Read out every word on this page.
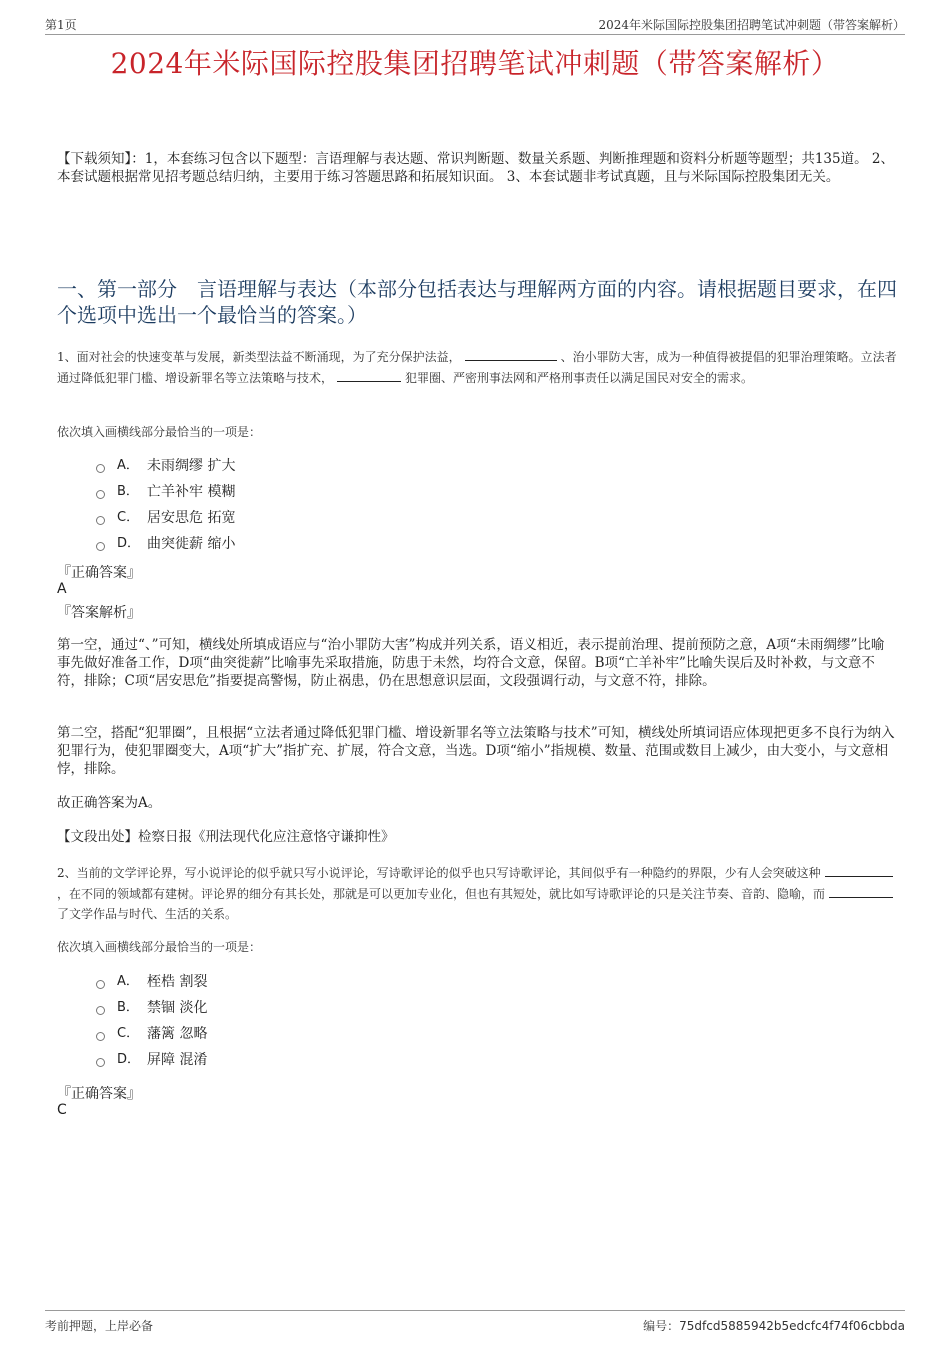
第1页	2024年米际国际控股集团招聘笔试冲刺题（带答案解析）
2024年米际国际控股集团招聘笔试冲刺题（带答案解析）
【下载须知】：1，本套练习包含以下题型：言语理解与表达题、常识判断题、数量关系题、判断推理题和资料分析题等题型；共135道。 2、本套试题根据常见招考题总结归纳，主要用于练习答题思路和拓展知识面。 3、本套试题非考试真题，且与米际国际控股集团无关。
一、第一部分　言语理解与表达（本部分包括表达与理解两方面的内容。请根据题目要求，在四个选项中选出一个最恰当的答案。）
1、面对社会的快速变革与发展，新类型法益不断涌现，为了充分保护法益，	、治小罪防大害，成为一种值得被提倡的犯罪治理策略。立法者通过降低犯罪门槛、增设新罪名等立法策略与技术，	犯罪圈、严密刑事法网和严格刑事责任以满足国民对安全的需求。
依次填入画横线部分最恰当的一项是：
A． 未雨绸缪 扩大
B． 亡羊补牢 模糊
C． 居安思危 拓宽
D． 曲突徙薪 缩小
『正确答案』
A
『答案解析』
第一空，通过“、”可知，横线处所填成语应与“治小罪防大害”构成并列关系，语义相近，表示提前治理、提前预防之意，A项“未雨绸缪”比喻事先做好准备工作，D项“曲突徙薪”比喻事先采取措施，防患于未然，均符合文意，保留。B项“亡羊补牢”比喻失误后及时补救，与文意不符，排除；C项“居安思危”指要提高警惕，防止祸患，仍在思想意识层面，文段强调行动，与文意不符，排除。
第二空，搭配“犯罪圈”，且根据“立法者通过降低犯罪门槛、增设新罪名等立法策略与技术”可知，横线处所填词语应体现把更多不良行为纳入犯罪行为，使犯罪圈变大，A项“扩大”指扩充、扩展，符合文意，当选。D项“缩小”指规模、数量、范围或数目上减少，由大变小，与文意相悖，排除。
故正确答案为A。
【文段出处】检察日报《刑法现代化应注意恪守谦抑性》
2、当前的文学评论界，写小说评论的似乎就只写小说评论，写诗歌评论的似乎也只写诗歌评论，其间似乎有一种隐约的界限，少有人会突破这种，在不同的领域都有建树。评论界的细分有其长处，那就是可以更加专业化，但也有其短处，就比如写诗歌评论的只是关注节奏、音韵、隐喻，而了文学作品与时代、生活的关系。
依次填入画横线部分最恰当的一项是：
A． 桎梏 割裂
B． 禁锢 淡化
C． 藩篱 忽略
D． 屏障 混淆
『正确答案』
C
考前押题，上岸必备	编号：75dfcd5885942b5edcfc4f74f06cbbda
